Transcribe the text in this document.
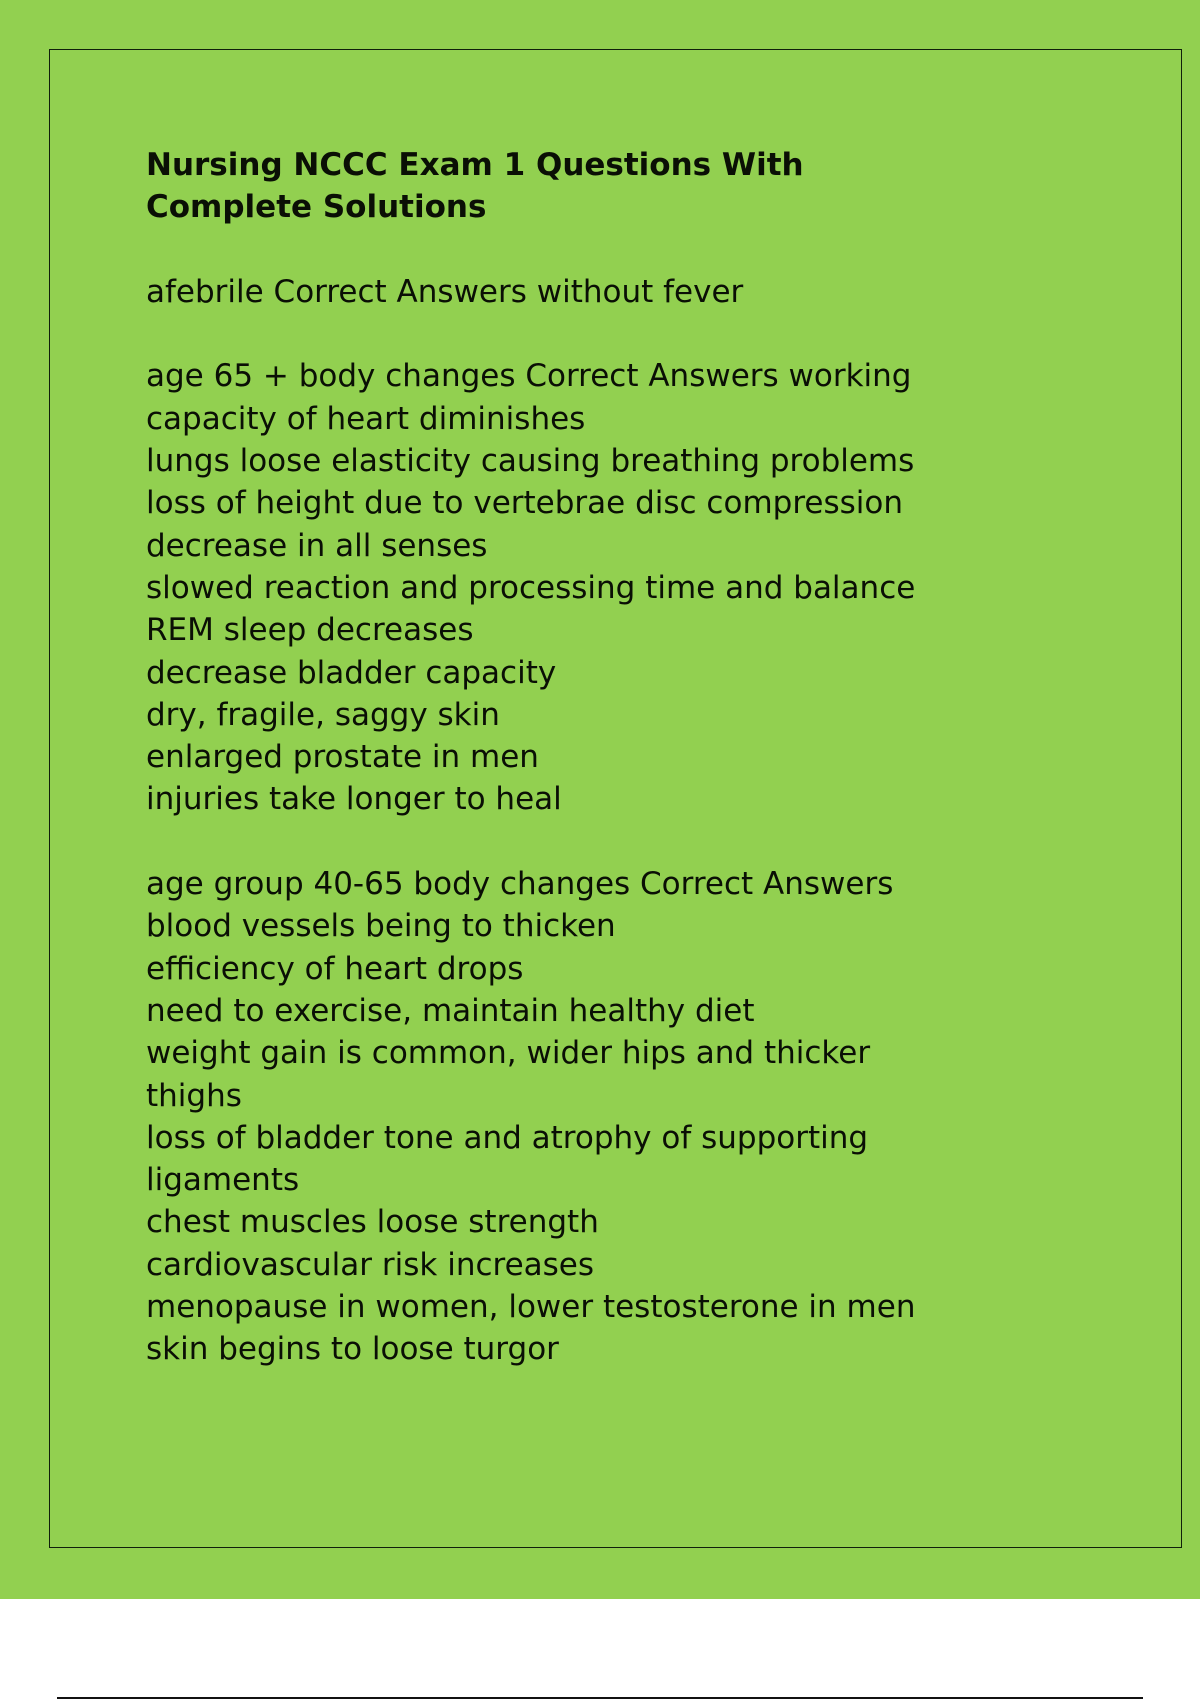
Nursing NCCC Exam 1 Questions With
Complete Solutions
afebrile Correct Answers without fever
age 65 + body changes Correct Answers working
capacity of heart diminishes
lungs loose elasticity causing breathing problems
loss of height due to vertebrae disc compression
decrease in all senses
slowed reaction and processing time and balance
REM sleep decreases
decrease bladder capacity
dry, fragile, saggy skin
enlarged prostate in men
injuries take longer to heal
age group 40-65 body changes Correct Answers
blood vessels being to thicken
efficiency of heart drops
need to exercise, maintain healthy diet
weight gain is common, wider hips and thicker
thighs
loss of bladder tone and atrophy of supporting
ligaments
chest muscles loose strength
cardiovascular risk increases
menopause in women, lower testosterone in men
skin begins to loose turgor
